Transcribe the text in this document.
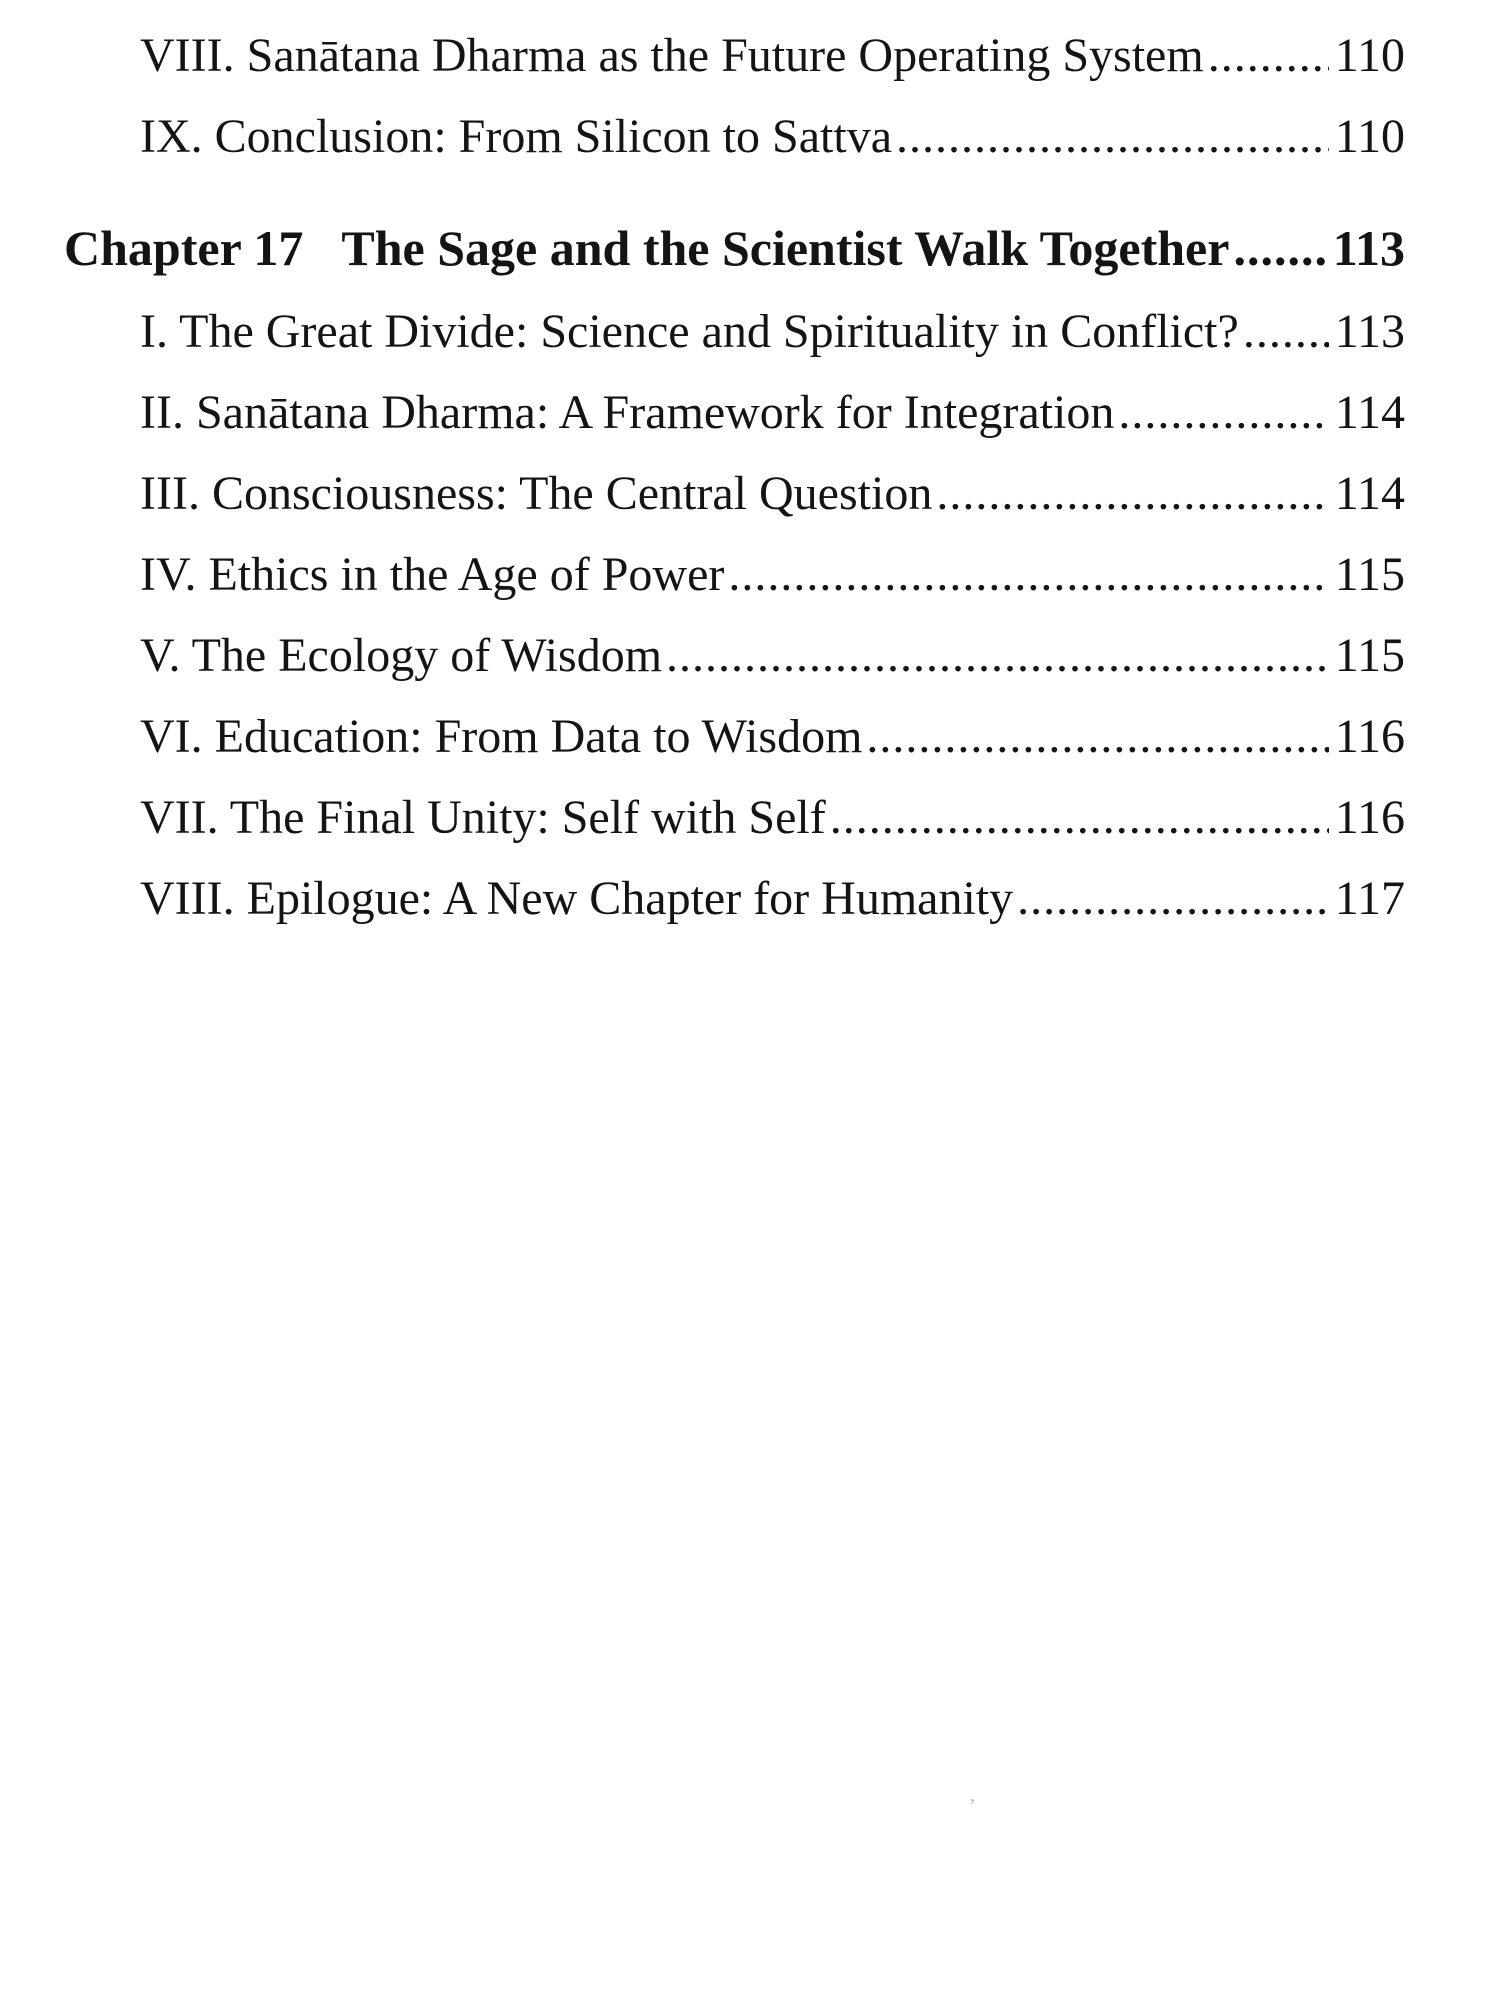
VIII. Sanātana Dharma as the Future Operating System .....	110
IX. Conclusion: From Silicon to Sattva .....	110
Chapter 17 The Sage and the Scientist Walk Together ..... 113
I. The Great Divide: Science and Spirituality in Conflict? ..... 113
II. Sanātana Dharma: A Framework for Integration .....	114
III. Consciousness: The Central Question .....	114
IV. Ethics in the Age of Power .....	115
V. The Ecology of Wisdom .....	115
VI. Education: From Data to Wisdom .....	116
VII. The Final Unity: Self with Self .....	116
VIII. Epilogue: A New Chapter for Humanity .....	117
,
